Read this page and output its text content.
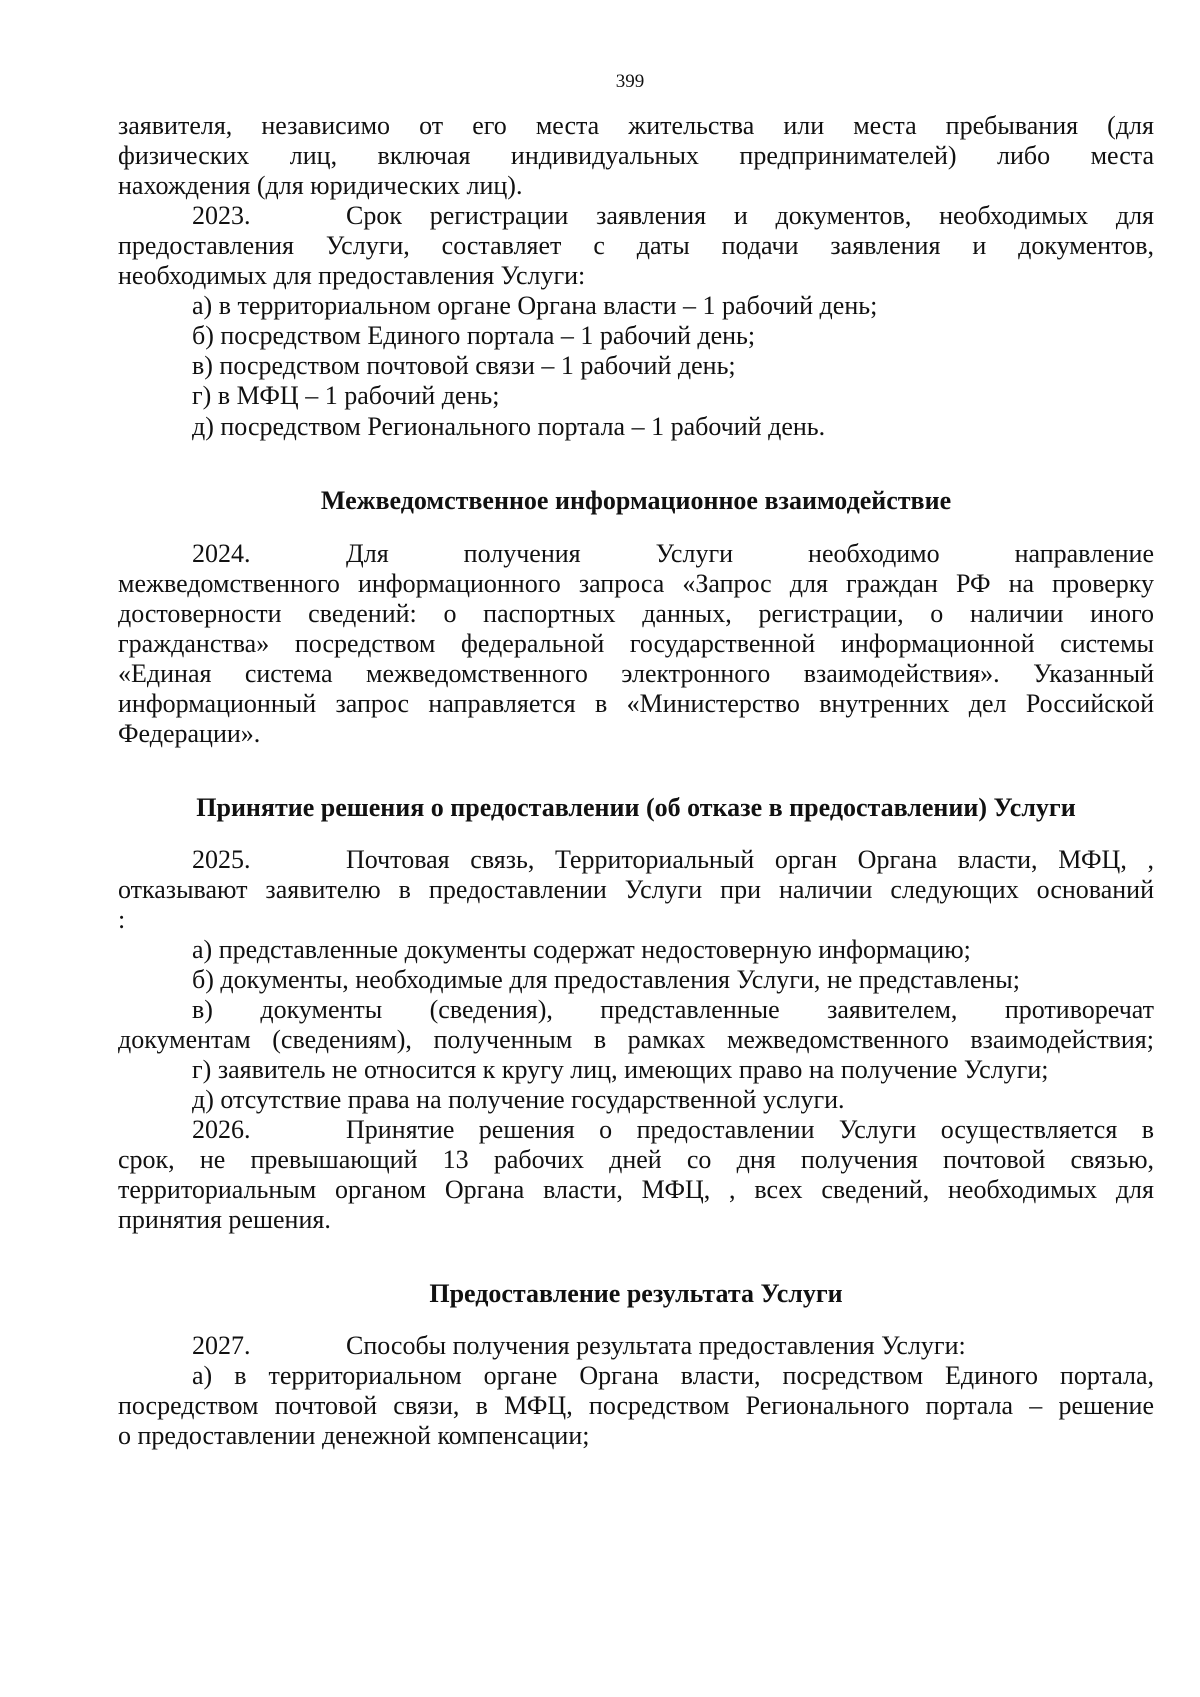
399
заявителя, независимо от его места жительства или места пребывания (для
физических лиц, включая индивидуальных предпринимателей) либо места
нахождения (для юридических лиц).
2023.	Срок регистрации заявления и документов, необходимых для
предоставления Услуги, составляет с даты подачи заявления и документов,
необходимых для предоставления Услуги:
а) в территориальном органе Органа власти – 1 рабочий день;
б) посредством Единого портала – 1 рабочий день;
в) посредством почтовой связи – 1 рабочий день;
г) в МФЦ – 1 рабочий день;
д) посредством Регионального портала – 1 рабочий день.
Межведомственное информационное взаимодействие
2024.	Для получения Услуги необходимо направление
межведомственного информационного запроса «Запрос для граждан РФ на проверку
достоверности сведений: о паспортных данных, регистрации, о наличии иного
гражданства» посредством федеральной государственной информационной системы
«Единая система межведомственного электронного взаимодействия». Указанный
информационный запрос направляется в «Министерство внутренних дел Российской
Федерации».
Принятие решения о предоставлении (об отказе в предоставлении) Услуги
2025.	Почтовая связь, Территориальный орган Органа власти, МФЦ, ,
отказывают заявителю в предоставлении Услуги при наличии следующих оснований
:
а) представленные документы содержат недостоверную информацию;
б) документы, необходимые для предоставления Услуги, не представлены;
в) документы (сведения), представленные заявителем, противоречат
документам (сведениям), полученным в рамках межведомственного взаимодействия;
г) заявитель не относится к кругу лиц, имеющих право на получение Услуги;
д) отсутствие права на получение государственной услуги.
2026.	Принятие решения о предоставлении Услуги осуществляется в
срок, не превышающий 13 рабочих дней со дня получения почтовой связью,
территориальным органом Органа власти, МФЦ, , всех сведений, необходимых для
принятия решения.
Предоставление результата Услуги
2027.	Способы получения результата предоставления Услуги:
а) в территориальном органе Органа власти, посредством Единого портала,
посредством почтовой связи, в МФЦ, посредством Регионального портала – решение
о предоставлении денежной компенсации;
